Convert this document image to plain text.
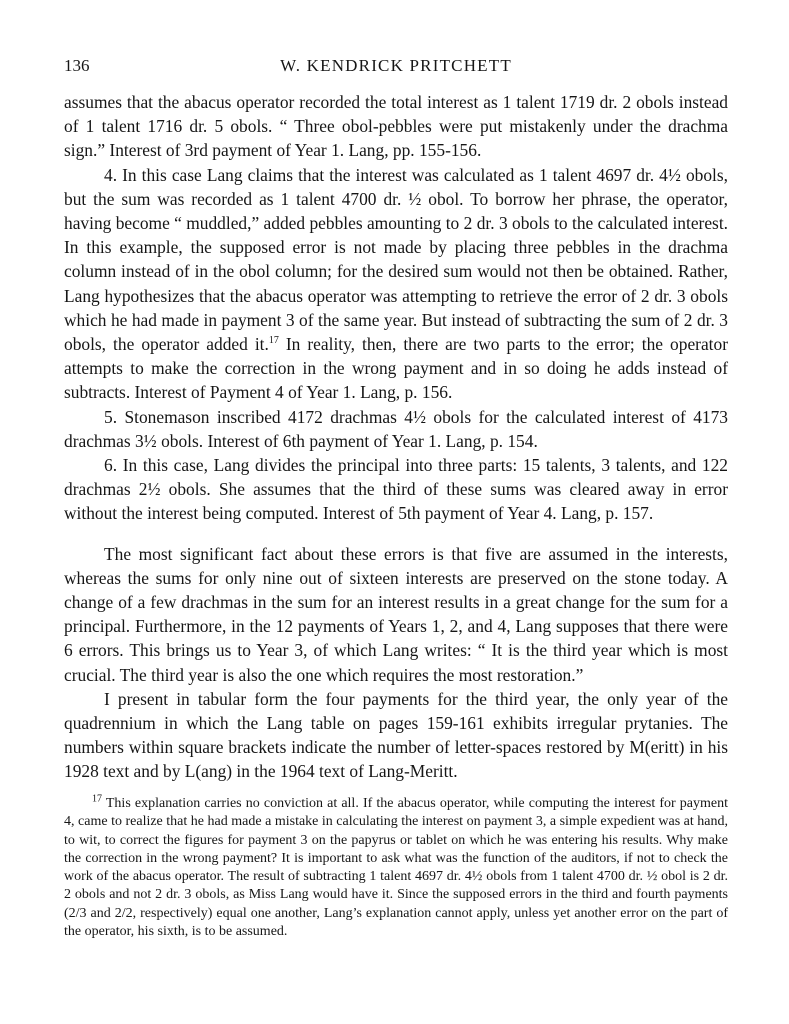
136	W. KENDRICK PRITCHETT

assumes that the abacus operator recorded the total interest as 1 talent 1719 dr. 2 obols instead of 1 talent 1716 dr. 5 obols. “ Three obol-pebbles were put mistakenly under the drachma sign.” Interest of 3rd payment of Year 1. Lang, pp. 155-156.

4. In this case Lang claims that the interest was calculated as 1 talent 4697 dr. 4½ obols, but the sum was recorded as 1 talent 4700 dr. ½ obol. To borrow her phrase, the operator, having become “ muddled,” added pebbles amounting to 2 dr. 3 obols to the calculated interest. In this example, the supposed error is not made by placing three pebbles in the drachma column instead of in the obol column; for the desired sum would not then be obtained. Rather, Lang hypothesizes that the abacus operator was attempting to retrieve the error of 2 dr. 3 obols which he had made in payment 3 of the same year. But instead of subtracting the sum of 2 dr. 3 obols, the operator added it.$^{17}$ In reality, then, there are two parts to the error; the operator attempts to make the correction in the wrong payment and in so doing he adds instead of subtracts. Interest of Payment 4 of Year 1. Lang, p. 156.

5. Stonemason inscribed 4172 drachmas 4½ obols for the calculated interest of 4173 drachmas 3½ obols. Interest of 6th payment of Year 1. Lang, p. 154.

6. In this case, Lang divides the principal into three parts: 15 talents, 3 talents, and 122 drachmas 2½ obols. She assumes that the third of these sums was cleared away in error without the interest being computed. Interest of 5th payment of Year 4. Lang, p. 157.

The most significant fact about these errors is that five are assumed in the interests, whereas the sums for only nine out of sixteen interests are preserved on the stone today. A change of a few drachmas in the sum for an interest results in a great change for the sum for a principal. Furthermore, in the 12 payments of Years 1, 2, and 4, Lang supposes that there were 6 errors. This brings us to Year 3, of which Lang writes: “ It is the third year which is most crucial. The third year is also the one which requires the most restoration.”

I present in tabular form the four payments for the third year, the only year of the quadrennium in which the Lang table on pages 159-161 exhibits irregular prytanies. The numbers within square brackets indicate the number of letter-spaces restored by M(eritt) in his 1928 text and by L(ang) in the 1964 text of Lang-Meritt.

$^{17}$ This explanation carries no conviction at all. If the abacus operator, while computing the interest for payment 4, came to realize that he had made a mistake in calculating the interest on payment 3, a simple expedient was at hand, to wit, to correct the figures for payment 3 on the papyrus or tablet on which he was entering his results. Why make the correction in the wrong payment? It is important to ask what was the function of the auditors, if not to check the work of the abacus operator. The result of subtracting 1 talent 4697 dr. 4½ obols from 1 talent 4700 dr. ½ obol is 2 dr. 2 obols and not 2 dr. 3 obols, as Miss Lang would have it. Since the supposed errors in the third and fourth payments (2/3 and 2/2, respectively) equal one another, Lang’s explanation cannot apply, unless yet another error on the part of the operator, his sixth, is to be assumed.
